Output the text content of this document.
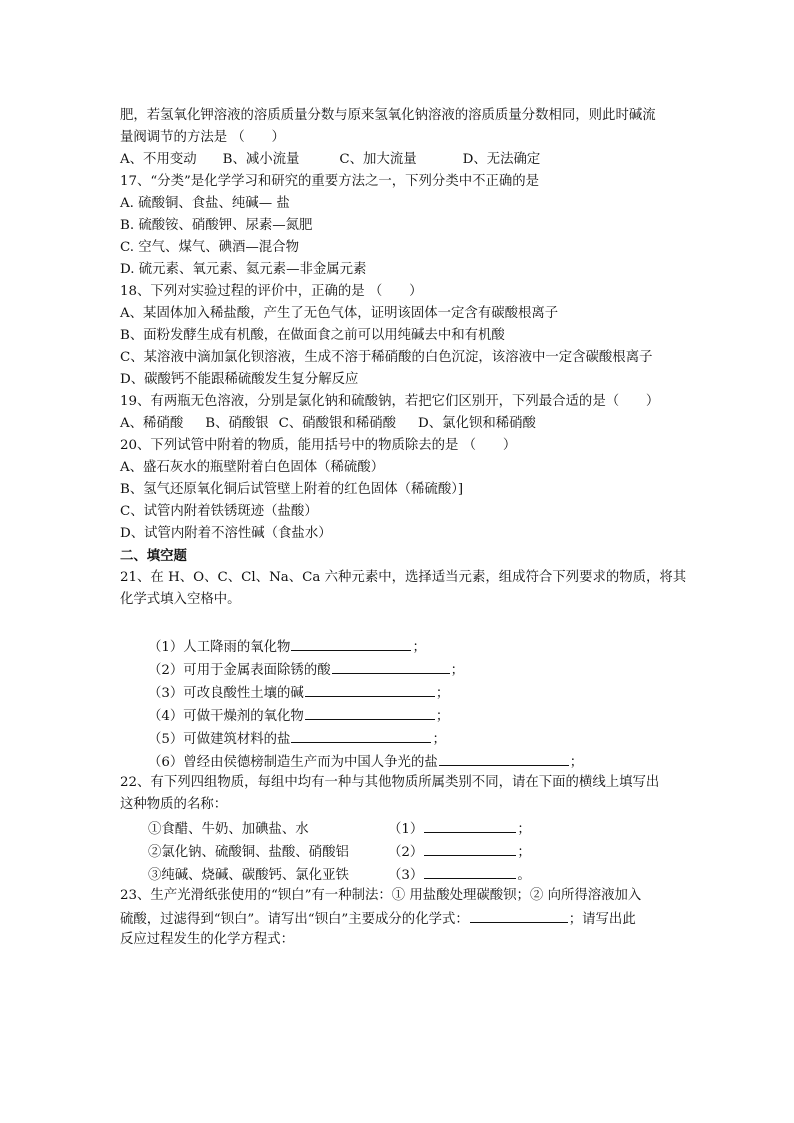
肥，若氢氧化钾溶液的溶质质量分数与原来氢氧化钠溶液的溶质质量分数相同，则此时碱流
量阀调节的方法是 （　　）
A、不用变动 B、减小流量	C、加大流量	D、无法确定
17、“分类”是化学学习和研究的重要方法之一，下列分类中不正确的是
A. 硫酸铜、食盐、纯碱— 盐
B. 硫酸铵、硝酸钾、尿素—氮肥
C. 空气、煤气、碘酒—混合物
D. 硫元素、氧元素、氦元素—非金属元素
18、下列对实验过程的评价中，正确的是 （　　）
A、某固体加入稀盐酸，产生了无色气体，证明该固体一定含有碳酸根离子
B、面粉发酵生成有机酸，在做面食之前可以用纯碱去中和有机酸
C、某溶液中滴加氯化钡溶液，生成不溶于稀硝酸的白色沉淀，该溶液中一定含碳酸根离子
D、碳酸钙不能跟稀硫酸发生复分解反应
19、有两瓶无色溶液，分别是氯化钠和硫酸钠，若把它们区别开，下列最合适的是（　　）
A、稀硝酸 B、硝酸银 C、硝酸银和稀硝酸 D、氯化钡和稀硝酸
20、下列试管中附着的物质，能用括号中的物质除去的是 （　　）
A、盛石灰水的瓶壁附着白色固体（稀硫酸）
B、氢气还原氧化铜后试管壁上附着的红色固体（稀硫酸）]
C、试管内附着铁锈斑迹（盐酸）
D、试管内附着不溶性碱（食盐水）
二、填空题
21、在 H、O、C、Cl、Na、Ca 六种元素中，选择适当元素，组成符合下列要求的物质，将其
化学式填入空格中。
（1）人工降雨的氧化物	；
（2）可用于金属表面除锈的酸	；
（3）可改良酸性土壤的碱	；
（4）可做干燥剂的氧化物	；
（5）可做建筑材料的盐	；
（6）曾经由侯德榜制造生产而为中国人争光的盐	；
22、有下列四组物质，每组中均有一种与其他物质所属类别不同，请在下面的横线上填写出
这种物质的名称：
①食醋、牛奶、加碘盐、水	（1）	；
②氯化钠、硫酸铜、盐酸、硝酸铝	（2）	；
③纯碱、烧碱、碳酸钙、氯化亚铁	（3）	。
23、生产光滑纸张使用的“钡白”有一种制法：① 用盐酸处理碳酸钡；② 向所得溶液加入
硫酸，过滤得到“钡白”。请写出“钡白”主要成分的化学式：	；请写出此
反应过程发生的化学方程式：
